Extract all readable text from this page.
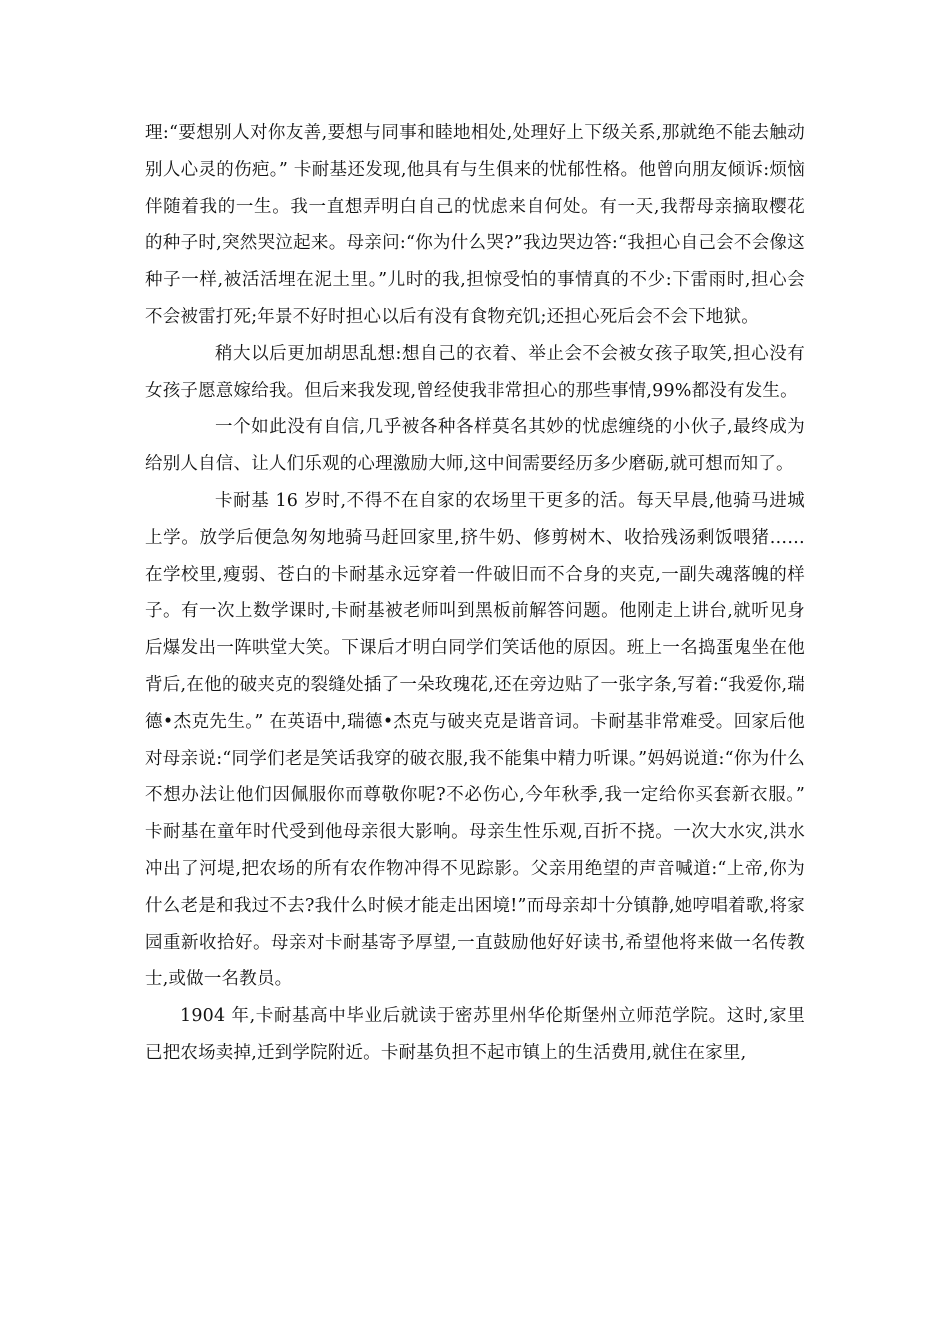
理:“要想别人对你友善,要想与同事和睦地相处,处理好上下级关系,那就绝不能去触动别人心灵的伤疤。” 卡耐基还发现,他具有与生俱来的忧郁性格。他曾向朋友倾诉:烦恼伴随着我的一生。我一直想弄明白自己的忧虑来自何处。有一天,我帮母亲摘取樱花的种子时,突然哭泣起来。母亲问:“你为什么哭?”我边哭边答:“我担心自己会不会像这种子一样,被活活埋在泥土里。”儿时的我,担惊受怕的事情真的不少:下雷雨时,担心会不会被雷打死;年景不好时担心以后有没有食物充饥;还担心死后会不会下地狱。

稍大以后更加胡思乱想:想自己的衣着、举止会不会被女孩子取笑,担心没有女孩子愿意嫁给我。但后来我发现,曾经使我非常担心的那些事情,99%都没有发生。

一个如此没有自信,几乎被各种各样莫名其妙的忧虑缠绕的小伙子,最终成为给别人自信、让人们乐观的心理激励大师,这中间需要经历多少磨砺,就可想而知了。

卡耐基 16 岁时,不得不在自家的农场里干更多的活。每天早晨,他骑马进城上学。放学后便急匆匆地骑马赶回家里,挤牛奶、修剪树木、收拾残汤剩饭喂猪……在学校里,瘦弱、苍白的卡耐基永远穿着一件破旧而不合身的夹克,一副失魂落魄的样子。有一次上数学课时,卡耐基被老师叫到黑板前解答问题。他刚走上讲台,就听见身后爆发出一阵哄堂大笑。下课后才明白同学们笑话他的原因。班上一名捣蛋鬼坐在他背后,在他的破夹克的裂缝处插了一朵玫瑰花,还在旁边贴了一张字条,写着:“我爱你,瑞德•杰克先生。” 在英语中,瑞德•杰克与破夹克是谐音词。卡耐基非常难受。回家后他对母亲说:“同学们老是笑话我穿的破衣服,我不能集中精力听课。”妈妈说道:“你为什么不想办法让他们因佩服你而尊敬你呢?不必伤心,今年秋季,我一定给你买套新衣服。” 卡耐基在童年时代受到他母亲很大影响。母亲生性乐观,百折不挠。一次大水灾,洪水冲出了河堤,把农场的所有农作物冲得不见踪影。父亲用绝望的声音喊道:“上帝,你为什么老是和我过不去?我什么时候才能走出困境!”而母亲却十分镇静,她哼唱着歌,将家园重新收拾好。母亲对卡耐基寄予厚望,一直鼓励他好好读书,希望他将来做一名传教士,或做一名教员。

1904 年,卡耐基高中毕业后就读于密苏里州华伦斯堡州立师范学院。这时,家里已把农场卖掉,迁到学院附近。卡耐基负担不起市镇上的生活费用,就住在家里,
